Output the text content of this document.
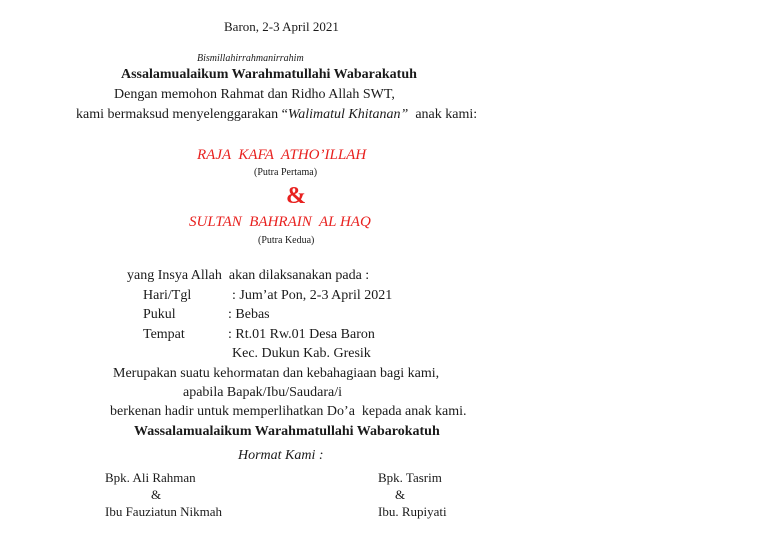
Baron, 2-3 April 2021
Bismillahirrahmanirrahim
Assalamualaikum Warahmatullahi Wabarakatuh
Dengan memohon Rahmat dan Ridho Allah SWT,
kami bermaksud menyelenggarakan “Walimatul Khitanan”  anak kami:
RAJA  KAFA  ATHO’ILLAH
(Putra Pertama)
&
SULTAN  BAHRAIN  AL HAQ
(Putra Kedua)
yang Insya Allah  akan dilaksanakan pada :
Hari/Tgl	: Jum’at Pon, 2-3 April 2021
Pukul	: Bebas
Tempat	: Rt.01 Rw.01 Desa Baron
Kec. Dukun Kab. Gresik
Merupakan suatu kehormatan dan kebahagiaan bagi kami,
apabila Bapak/Ibu/Saudara/i
berkenan hadir untuk memperlihatkan Do’a  kepada anak kami.
Wassalamualaikum Warahmatullahi Wabarokatuh
Hormat Kami :
Bpk. Ali Rahman
&
Ibu Fauziatun Nikmah
Bpk. Tasrim
&
Ibu. Rupiyati
